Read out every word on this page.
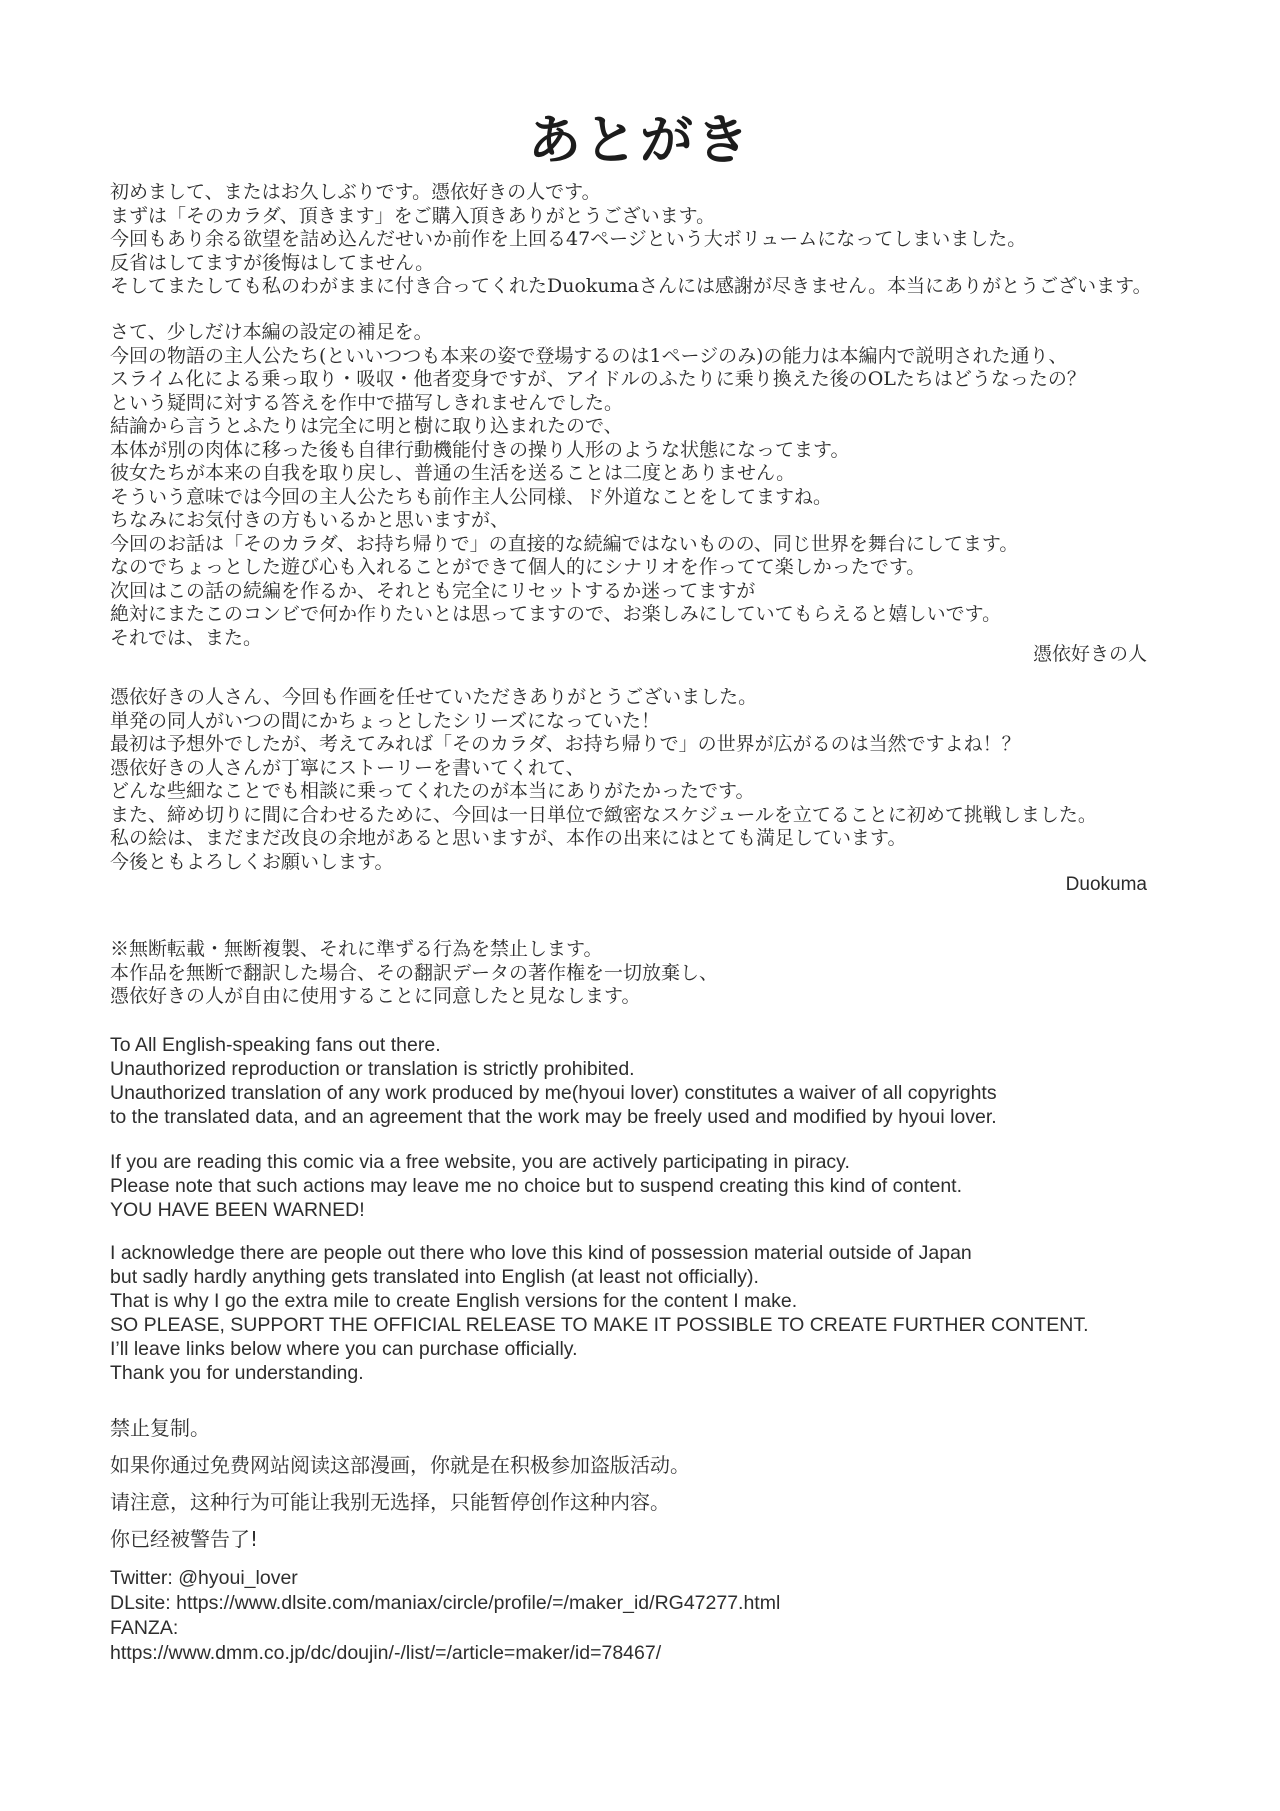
あとがき
初めまして、またはお久しぶりです。憑依好きの人です。
まずは「そのカラダ、頂きます」をご購入頂きありがとうございます。
今回もあり余る欲望を詰め込んだせいか前作を上回る47ページという大ボリュームになってしまいました。
反省はしてますが後悔はしてません。
そしてまたしても私のわがままに付き合ってくれたDuokumaさんには感謝が尽きません。本当にありがとうございます。
さて、少しだけ本編の設定の補足を。
今回の物語の主人公たち(といいつつも本来の姿で登場するのは1ページのみ)の能力は本編内で説明された通り、
スライム化による乗っ取り・吸収・他者変身ですが、アイドルのふたりに乗り換えた後のOLたちはどうなったの？
という疑問に対する答えを作中で描写しきれませんでした。
結論から言うとふたりは完全に明と樹に取り込まれたので、
本体が別の肉体に移った後も自律行動機能付きの操り人形のような状態になってます。
彼女たちが本来の自我を取り戻し、普通の生活を送ることは二度とありません。
そういう意味では今回の主人公たちも前作主人公同様、ド外道なことをしてますね。
ちなみにお気付きの方もいるかと思いますが、
今回のお話は「そのカラダ、お持ち帰りで」の直接的な続編ではないものの、同じ世界を舞台にしてます。
なのでちょっとした遊び心も入れることができて個人的にシナリオを作ってて楽しかったです。
次回はこの話の続編を作るか、それとも完全にリセットするか迷ってますが
絶対にまたこのコンビで何か作りたいとは思ってますので、お楽しみにしていてもらえると嬉しいです。
それでは、また。
憑依好きの人
憑依好きの人さん、今回も作画を任せていただきありがとうございました。
単発の同人がいつの間にかちょっとしたシリーズになっていた！
最初は予想外でしたが、考えてみれば「そのカラダ、お持ち帰りで」の世界が広がるのは当然ですよね！？
憑依好きの人さんが丁寧にストーリーを書いてくれて、
どんな些細なことでも相談に乗ってくれたのが本当にありがたかったです。
また、締め切りに間に合わせるために、今回は一日単位で緻密なスケジュールを立てることに初めて挑戦しました。
私の絵は、まだまだ改良の余地があると思いますが、本作の出来にはとても満足しています。
今後ともよろしくお願いします。
Duokuma
※無断転載・無断複製、それに準ずる行為を禁止します。
本作品を無断で翻訳した場合、その翻訳データの著作権を一切放棄し、
憑依好きの人が自由に使用することに同意したと見なします。
To All English-speaking fans out there.
Unauthorized reproduction or translation is strictly prohibited.
Unauthorized translation of any work produced by me(hyoui lover) constitutes a waiver of all copyrights
to the translated data, and an agreement that the work may be freely used and modified by hyoui lover.
If you are reading this comic via a free website, you are actively participating in piracy.
Please note that such actions may leave me no choice but to suspend creating this kind of content.
YOU HAVE BEEN WARNED!
I acknowledge there are people out there who love this kind of possession material outside of Japan
but sadly hardly anything gets translated into English (at least not officially).
That is why I go the extra mile to create English versions for the content I make.
SO PLEASE, SUPPORT THE OFFICIAL RELEASE TO MAKE IT POSSIBLE TO CREATE FURTHER CONTENT.
I’ll leave links below where you can purchase officially.
Thank you for understanding.
禁止复制。
如果你通过免费网站阅读这部漫画，你就是在积极参加盗版活动。
请注意，这种行为可能让我别无选择，只能暂停创作这种内容。
你已经被警告了!
Twitter: @hyoui_lover
DLsite: https://www.dlsite.com/maniax/circle/profile/=/maker_id/RG47277.html
FANZA:
https://www.dmm.co.jp/dc/doujin/-/list/=/article=maker/id=78467/
